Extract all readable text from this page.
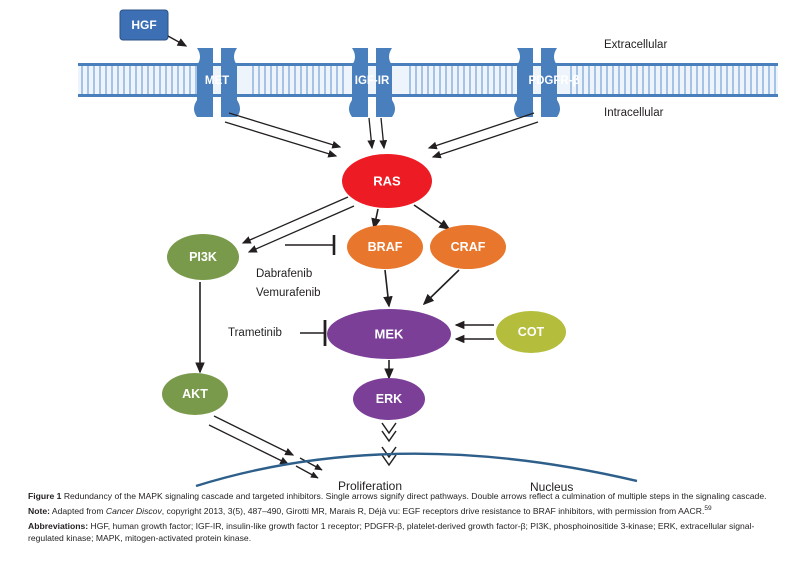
Extracellular
Intracellular
HGF
MET	IGF-IR	PDGFR-β
RAS
PI3K
BRAF	CRAF
Dabrafenib
Vemurafenib
MEK
Trametinib	COT
ERK
AKT
Proliferation	Nucleus

Figure 1 Redundancy of the MAPK signaling cascade and targeted inhibitors. Single arrows signify direct pathways. Double arrows reflect a culmination of multiple steps in the signaling cascade.

Note: Adapted from Cancer Discov, copyright 2013, 3(5), 487–490, Girotti MR, Marais R, Déjà vu: EGF receptors drive resistance to BRAF inhibitors, with permission from AACR.$^{59}$

Abbreviations: HGF, human growth factor; IGF-IR, insulin-like growth factor 1 receptor; PDGFR-β, platelet-derived growth factor-β; PI3K, phosphoinositide 3-kinase; ERK, extracellular signal-regulated kinase; MAPK, mitogen-activated protein kinase.
